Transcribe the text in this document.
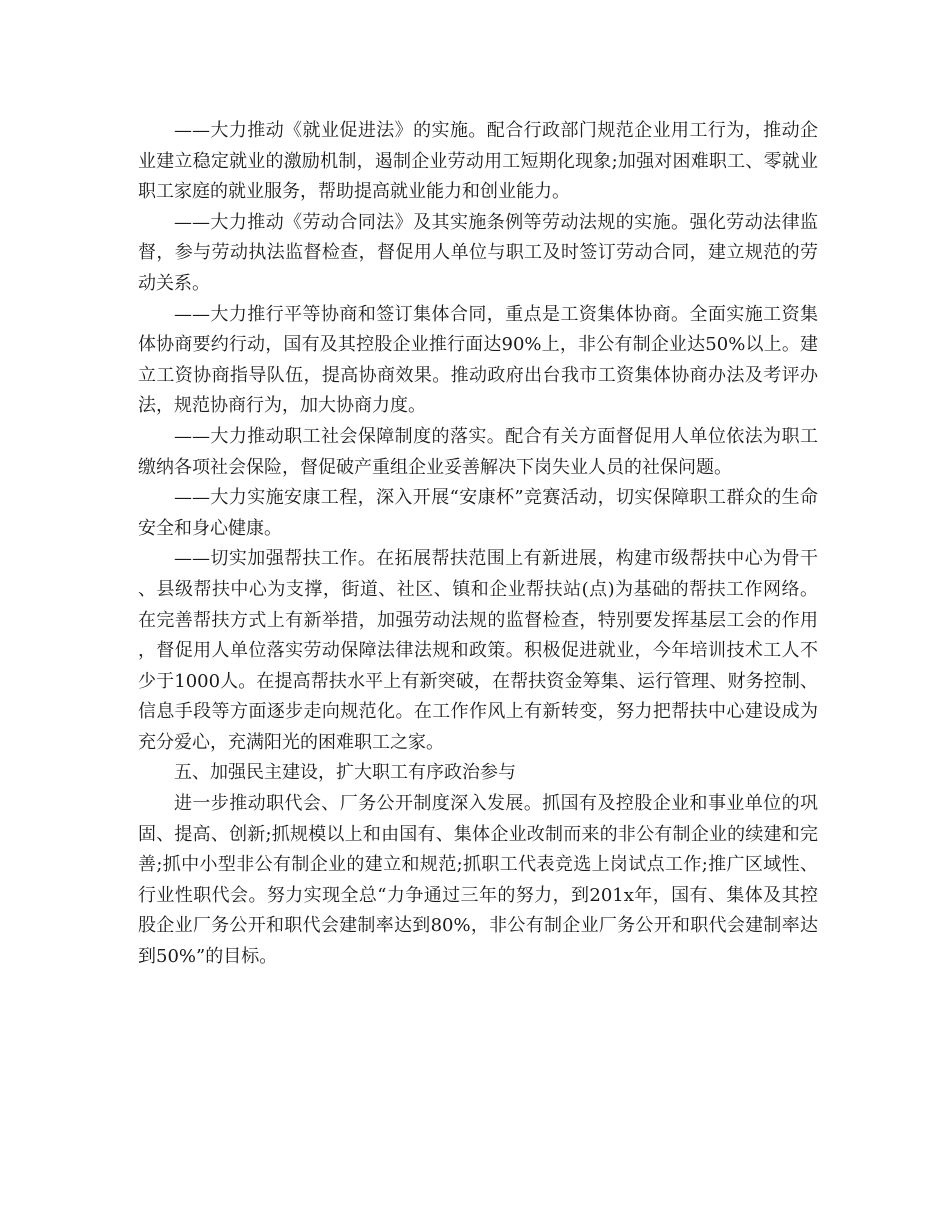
——大力推动《就业促进法》的实施。配合行政部门规范企业用工行为，推动企业建立稳定就业的激励机制，遏制企业劳动用工短期化现象;加强对困难职工、零就业职工家庭的就业服务，帮助提高就业能力和创业能力。

——大力推动《劳动合同法》及其实施条例等劳动法规的实施。强化劳动法律监督，参与劳动执法监督检查，督促用人单位与职工及时签订劳动合同，建立规范的劳动关系。

——大力推行平等协商和签订集体合同，重点是工资集体协商。全面实施工资集体协商要约行动，国有及其控股企业推行面达90%上，非公有制企业达50%以上。建立工资协商指导队伍，提高协商效果。推动政府出台我市工资集体协商办法及考评办法，规范协商行为，加大协商力度。

——大力推动职工社会保障制度的落实。配合有关方面督促用人单位依法为职工缴纳各项社会保险，督促破产重组企业妥善解决下岗失业人员的社保问题。

——大力实施安康工程，深入开展“安康杯”竞赛活动，切实保障职工群众的生命安全和身心健康。

——切实加强帮扶工作。在拓展帮扶范围上有新进展，构建市级帮扶中心为骨干、县级帮扶中心为支撑，街道、社区、镇和企业帮扶站(点)为基础的帮扶工作网络。在完善帮扶方式上有新举措，加强劳动法规的监督检查，特别要发挥基层工会的作用，督促用人单位落实劳动保障法律法规和政策。积极促进就业，今年培训技术工人不少于1000人。在提高帮扶水平上有新突破，在帮扶资金筹集、运行管理、财务控制、信息手段等方面逐步走向规范化。在工作作风上有新转变，努力把帮扶中心建设成为充分爱心，充满阳光的困难职工之家。

五、加强民主建设，扩大职工有序政治参与

进一步推动职代会、厂务公开制度深入发展。抓国有及控股企业和事业单位的巩固、提高、创新;抓规模以上和由国有、集体企业改制而来的非公有制企业的续建和完善;抓中小型非公有制企业的建立和规范;抓职工代表竞选上岗试点工作;推广区域性、行业性职代会。努力实现全总“力争通过三年的努力，到201x年，国有、集体及其控股企业厂务公开和职代会建制率达到80%，非公有制企业厂务公开和职代会建制率达到50%”的目标。
